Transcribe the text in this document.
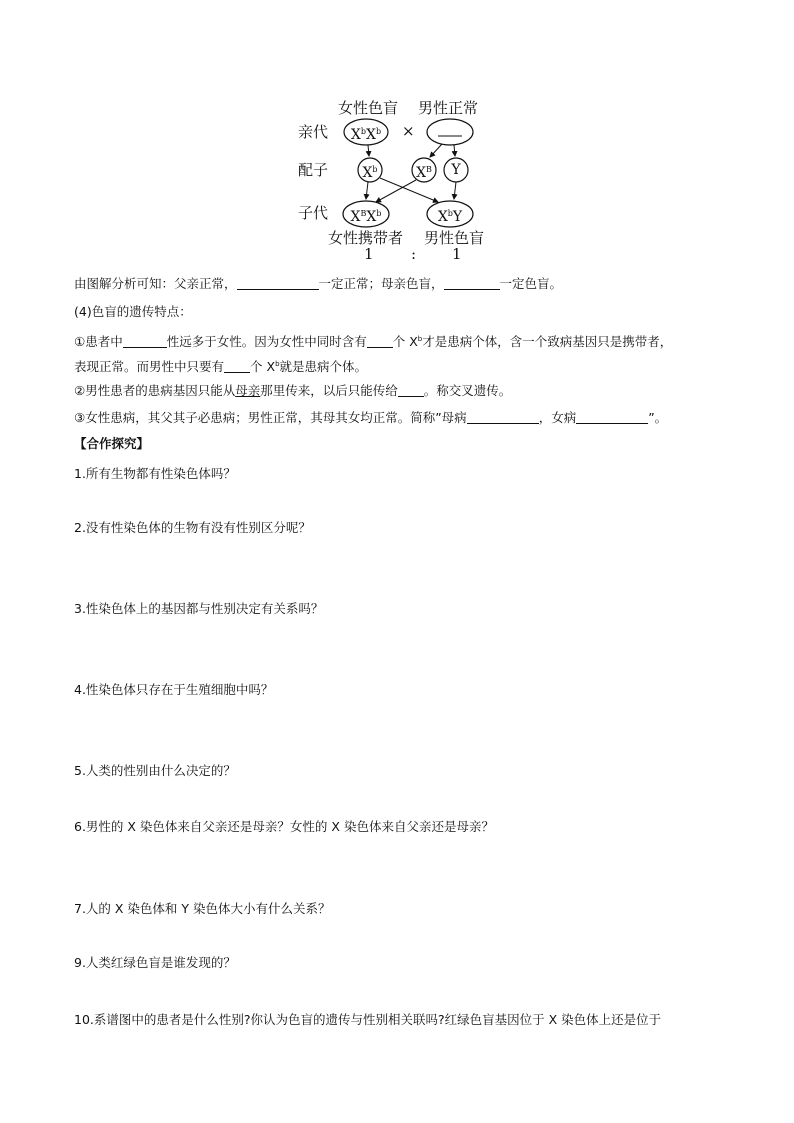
女性色盲 男性正常
亲代	×
$X^bX^b$
配子	$X^b$	$X^B$	Y
子代 $X^BX^b$	$X^bY$
女性携带者 男性色盲
1 : 1
由图解分析可知：父亲正常，	一定正常；母亲色盲，	一定色盲。
(4)色盲的遗传特点：
①患者中	性远多于女性。因为女性中同时含有 个 $X^b$才是患病个体，含一个致病基因只是携带者，
表现正常。而男性中只要有 个 $X^b$就是患病个体。
②男性患者的患病基因只能从母亲那里传来，以后只能传给 。称交叉遗传。
③女性患病，其父其子必患病；男性正常，其母其女均正常。简称”母病	，女病	”。
【合作探究】
1.所有生物都有性染色体吗？
2.没有性染色体的生物有没有性别区分呢？
3.性染色体上的基因都与性别决定有关系吗？
4.性染色体只存在于生殖细胞中吗？
5.人类的性别由什么决定的？
6.男性的 X 染色体来自父亲还是母亲？女性的 X 染色体来自父亲还是母亲？
7.人的 X 染色体和 Y 染色体大小有什么关系？
9.人类红绿色盲是谁发现的？
10.系谱图中的患者是什么性别?你认为色盲的遗传与性别相关联吗?红绿色盲基因位于 X 染色体上还是位于
